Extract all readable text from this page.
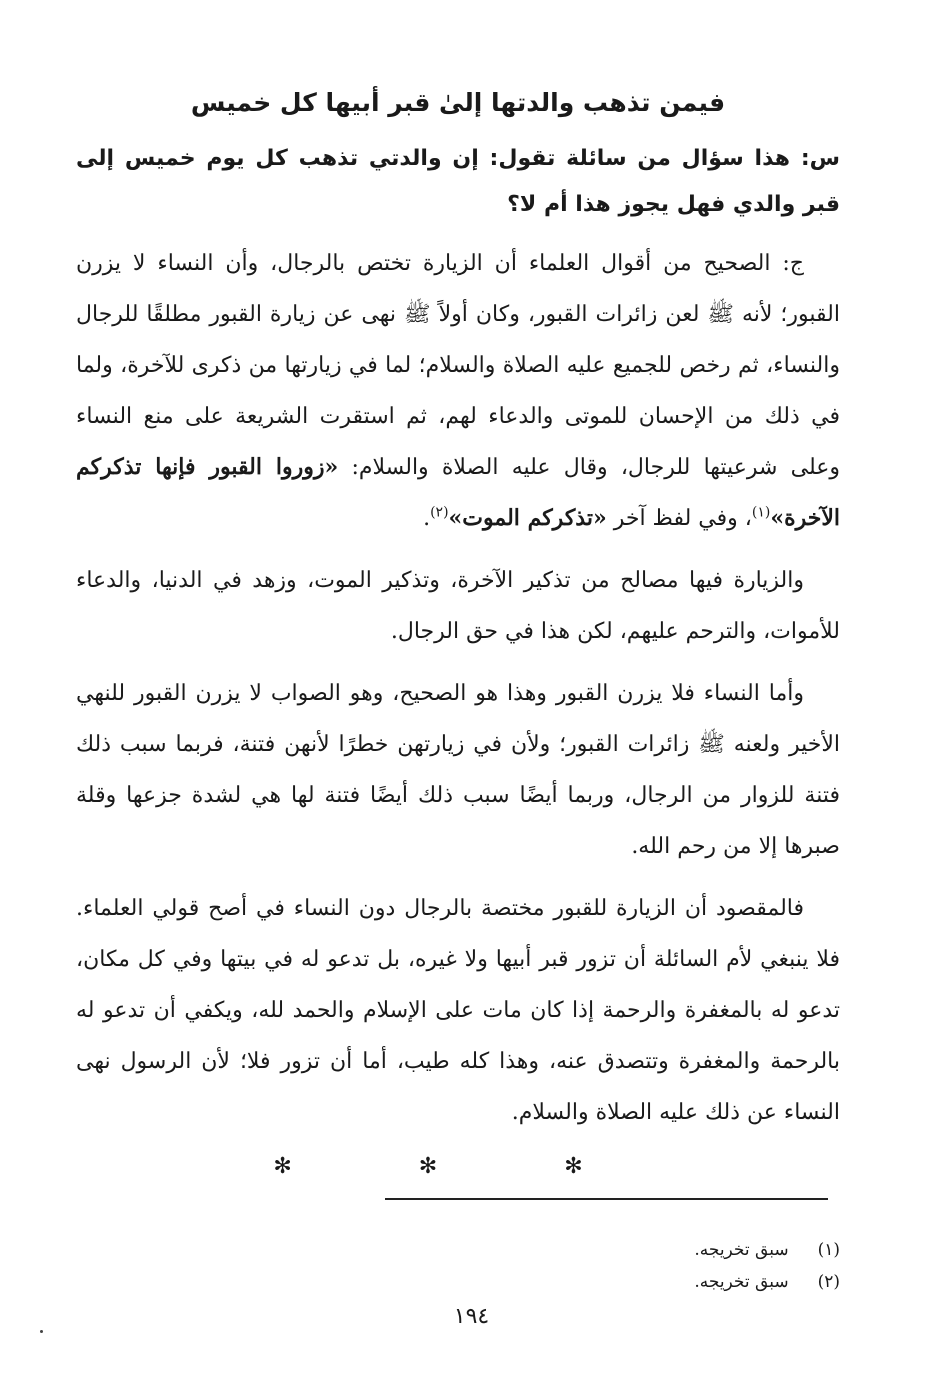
فيمن تذهب والدتها إلىٰ قبر أبيها كل خميس

س: هذا سؤال من سائلة تقول: إن والدتي تذهب كل يوم خميس إلى قبر والدي فهل يجوز هذا أم لا؟

ج: الصحيح من أقوال العلماء أن الزيارة تختص بالرجال، وأن النساء لا يزرن القبور؛ لأنه ﷺ لعن زائرات القبور، وكان أولاً ﷺ نهى عن زيارة القبور مطلقًا للرجال والنساء، ثم رخص للجميع عليه الصلاة والسلام؛ لما في زيارتها من ذكرى للآخرة، ولما في ذلك من الإحسان للموتى والدعاء لهم، ثم استقرت الشريعة على منع النساء وعلى شرعيتها للرجال، وقال عليه الصلاة والسلام: «زوروا القبور فإنها تذكركم الآخرة»$^{(١)}$، وفي لفظ آخر «تذكركم الموت»$^{(٢)}$.

والزيارة فيها مصالح من تذكير الآخرة، وتذكير الموت، وزهد في الدنيا، والدعاء للأموات، والترحم عليهم، لكن هذا في حق الرجال.

وأما النساء فلا يزرن القبور وهذا هو الصحيح، وهو الصواب لا يزرن القبور للنهي الأخير ولعنه ﷺ زائرات القبور؛ ولأن في زيارتهن خطرًا لأنهن فتنة، فربما سبب ذلك فتنة للزوار من الرجال، وربما أيضًا سبب ذلك أيضًا فتنة لها هي لشدة جزعها وقلة صبرها إلا من رحم الله.

فالمقصود أن الزيارة للقبور مختصة بالرجال دون النساء في أصح قولي العلماء. فلا ينبغي لأم السائلة أن تزور قبر أبيها ولا غيره، بل تدعو له في بيتها وفي كل مكان، تدعو له بالمغفرة والرحمة إذا كان مات على الإسلام والحمد لله، ويكفي أن تدعو له بالرحمة والمغفرة وتتصدق عنه، وهذا كله طيب، أما أن تزور فلا؛ لأن الرسول نهى النساء عن ذلك عليه الصلاة والسلام.

✻ ✻ ✻
(١) سبق تخريجه.
(٢) سبق تخريجه.
١٩٤
